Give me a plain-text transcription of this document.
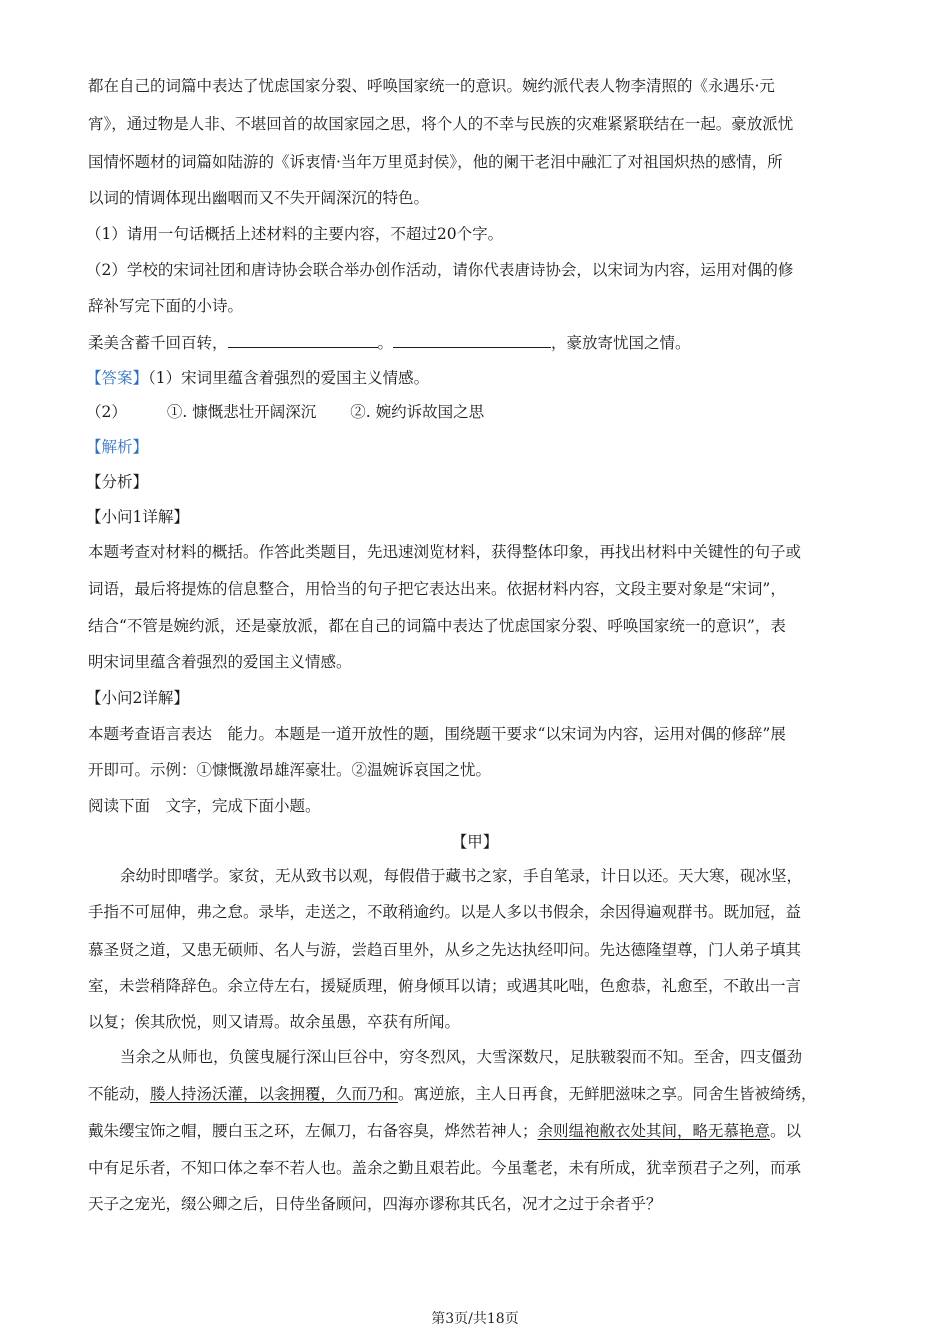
都在自己的词篇中表达了忧虑国家分裂、呼唤国家统一的意识。婉约派代表人物李清照的《永遇乐·元
宵》，通过物是人非、不堪回首的故国家园之思，将个人的不幸与民族的灾难紧紧联结在一起。豪放派忧
国情怀题材的词篇如陆游的《诉衷情·当年万里觅封侯》，他的阑干老泪中融汇了对祖国炽热的感情，所
以词的情调体现出幽咽而又不失开阔深沉的特色。
（1）请用一句话概括上述材料的主要内容，不超过20个字。
（2）学校的宋词社团和唐诗协会联合举办创作活动，请你代表唐诗协会，以宋词为内容，运用对偶的修
辞补写完下面的小诗。
柔美含蓄千回百转，	。	，豪放寄忧国之情。
【答案】（1）宋词里蕴含着强烈的爱国主义情感。
（2）	①. 慷慨悲壮开阔深沉 ②. 婉约诉故国之思
【解析】
【分析】
【小问1详解】
本题考查对材料的概括。作答此类题目，先迅速浏览材料，获得整体印象，再找出材料中关键性的句子或
词语，最后将提炼的信息整合，用恰当的句子把它表达出来。依据材料内容，文段主要对象是“宋词”，
结合“不管是婉约派，还是豪放派，都在自己的词篇中表达了忧虑国家分裂、呼唤国家统一的意识”，表
明宋词里蕴含着强烈的爱国主义情感。
【小问2详解】
本题考查语言表达　能力。本题是一道开放性的题，围绕题干要求“以宋词为内容，运用对偶的修辞”展
开即可。示例：①慷慨激昂雄浑豪壮。②温婉诉哀国之忧。
阅读下面　文字，完成下面小题。
【甲】
余幼时即嗜学。家贫，无从致书以观，每假借于藏书之家，手自笔录，计日以还。天大寒，砚冰坚，
手指不可屈伸，弗之怠。录毕，走送之，不敢稍逾约。以是人多以书假余，余因得遍观群书。既加冠，益
慕圣贤之道，又患无硕师、名人与游，尝趋百里外，从乡之先达执经叩问。先达德隆望尊，门人弟子填其
室，未尝稍降辞色。余立侍左右，援疑质理，俯身倾耳以请；或遇其叱咄，色愈恭，礼愈至，不敢出一言
以复；俟其欣悦，则又请焉。故余虽愚，卒获有所闻。
当余之从师也，负箧曳屣行深山巨谷中，穷冬烈风，大雪深数尺，足肤皲裂而不知。至舍，四支僵劲
不能动，媵人持汤沃灌，以衾拥覆，久而乃和。寓逆旅，主人日再食，无鲜肥滋味之享。同舍生皆被绮绣，
戴朱缨宝饰之帽，腰白玉之环，左佩刀，右备容臭，烨然若神人；余则缊袍敝衣处其间，略无慕艳意。以
中有足乐者，不知口体之奉不若人也。盖余之勤且艰若此。今虽耄老，未有所成，犹幸预君子之列，而承
天子之宠光，缀公卿之后，日侍坐备顾问，四海亦谬称其氏名，况才之过于余者乎？
第3页/共18页
